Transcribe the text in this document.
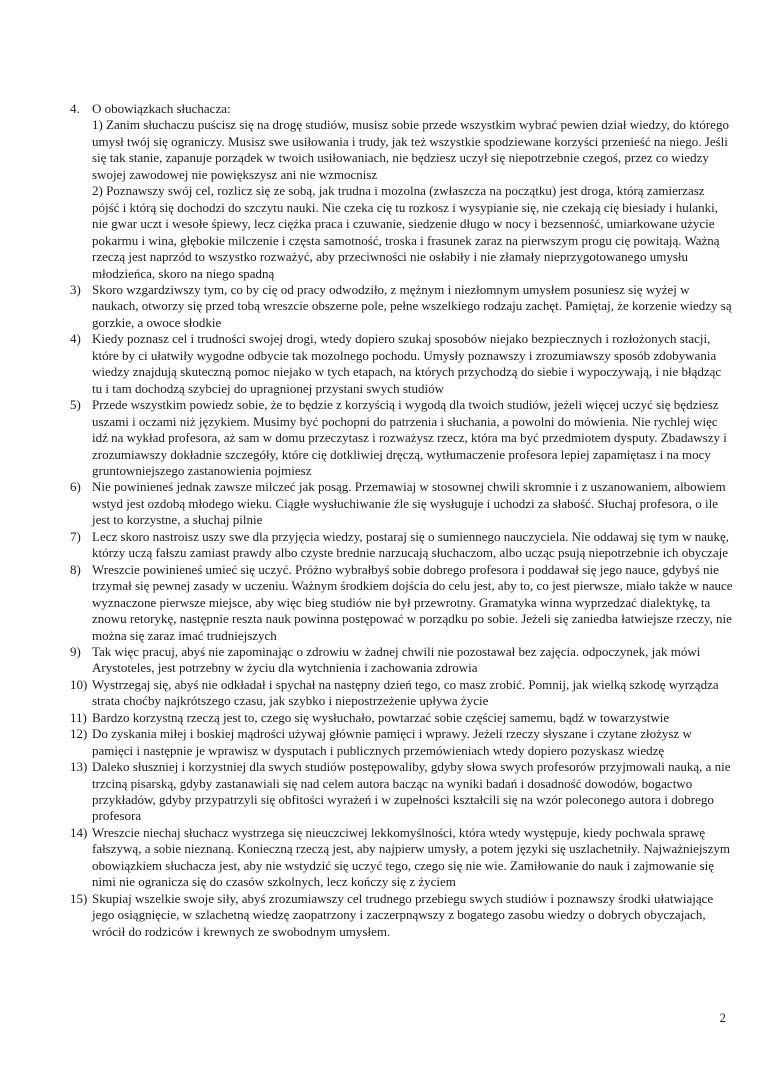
4. O obowiązkach słuchacza:

1) Zanim słuchaczu puścisz się na drogę studiów, musisz sobie przede wszystkim wybrać pewien dział wiedzy, do którego umysł twój się ograniczy. Musisz swe usiłowania i trudy, jak też wszystkie spodziewane korzyści przenieść na niego. Jeśli się tak stanie, zapanuje porządek w twoich usiłowaniach, nie będziesz uczył się niepotrzebnie czegoś, przez co wiedzy swojej zawodowej nie powiększysz ani nie wzmocnisz

2) Poznawszy swój cel, rozlicz się ze sobą, jak trudna i mozolna (zwłaszcza na początku) jest droga, którą zamierzasz pójść i którą się dochodzi do szczytu nauki. Nie czeka cię tu rozkosz i wysypianie się, nie czekają cię biesiady i hulanki, nie gwar uczt i wesołe śpiewy, lecz ciężka praca i czuwanie, siedzenie długo w nocy i bezsenność, umiarkowane użycie pokarmu i wina, głębokie milczenie i częsta samotność, troska i frasunek zaraz na pierwszym progu cię powitają. Ważną rzeczą jest naprzód to wszystko rozważyć, aby przeciwności nie osłabiły i nie złamały nieprzygotowanego umysłu młodzieńca, skoro na niego spadną

3) Skoro wzgardziwszy tym, co by cię od pracy odwodziło, z mężnym i niezłomnym umysłem posuniesz się wyżej w naukach, otworzy się przed tobą wreszcie obszerne pole, pełne wszelkiego rodzaju zachęt. Pamiętaj, że korzenie wiedzy są gorzkie, a owoce słodkie

4) Kiedy poznasz cel i trudności swojej drogi, wtedy dopiero szukaj sposobów niejako bezpiecznych i rozłożonych stacji, które by ci ułatwiły wygodne odbycie tak mozolnego pochodu. Umysły poznawszy i zrozumiawszy sposób zdobywania wiedzy znajdują skuteczną pomoc niejako w tych etapach, na których przychodzą do siebie i wypoczywają, i nie błądząc tu i tam dochodzą szybciej do upragnionej przystani swych studiów

5) Przede wszystkim powiedz sobie, że to będzie z korzyścią i wygodą dla twoich studiów, jeżeli więcej uczyć się będziesz uszami i oczami niż językiem. Musimy być pochopni do patrzenia i słuchania, a powolni do mówienia. Nie rychlej więc idź na wykład profesora, aż sam w domu przeczytasz i rozważysz rzecz, która ma być przedmiotem dysputy. Zbadawszy i zrozumiawszy dokładnie szczegóły, które cię dotkliwiej dręczą, wytłumaczenie profesora lepiej zapamiętasz i na mocy gruntowniejszego zastanowienia pojmiesz

6) Nie powinieneś jednak zawsze milczeć jak posąg. Przemawiaj w stosownej chwili skromnie i z uszanowaniem, albowiem wstyd jest ozdobą młodego wieku. Ciągłe wysłuchiwanie źle się wysługuje i uchodzi za słabość. Słuchaj profesora, o ile jest to korzystne, a słuchaj pilnie

7) Lecz skoro nastroisz uszy swe dla przyjęcia wiedzy, postaraj się o sumiennego nauczyciela. Nie oddawaj się tym w naukę, którzy uczą fałszu zamiast prawdy albo czyste brednie narzucają słuchaczom, albo ucząc psują niepotrzebnie ich obyczaje

8) Wreszcie powinieneś umieć się uczyć. Próżno wybrałbyś sobie dobrego profesora i poddawał się jego nauce, gdybyś nie trzymał się pewnej zasady w uczeniu. Ważnym środkiem dojścia do celu jest, aby to, co jest pierwsze, miało także w nauce wyznaczone pierwsze miejsce, aby więc bieg studiów nie był przewrotny. Gramatyka winna wyprzedzać dialektykę, ta znowu retorykę, następnie reszta nauk powinna postępować w porządku po sobie. Jeżeli się zaniedba łatwiejsze rzeczy, nie można się zaraz imać trudniejszych

9) Tak więc pracuj, abyś nie zapominając o zdrowiu w żadnej chwili nie pozostawał bez zajęcia. odpoczynek, jak mówi Arystoteles, jest potrzebny w życiu dla wytchnienia i zachowania zdrowia

10) Wystrzegaj się, abyś nie odkładał i spychał na następny dzień tego, co masz zrobić. Pomnij, jak wielką szkodę wyrządza strata choćby najkrótszego czasu, jak szybko i niepostrzeżenie upływa życie

11) Bardzo korzystną rzeczą jest to, czego się wysłuchało, powtarzać sobie częściej samemu, bądź w towarzystwie

12) Do zyskania miłej i boskiej mądrości używaj głównie pamięci i wprawy. Jeżeli rzeczy słyszane i czytane złożysz w pamięci i następnie je wprawisz w dysputach i publicznych przemówieniach wtedy dopiero pozyskasz wiedzę

13) Daleko słuszniej i korzystniej dla swych studiów postępowaliby, gdyby słowa swych profesorów przyjmowali nauką, a nie trzciną pisarską, gdyby zastanawiali się nad celem autora bacząc na wyniki badań i dosadność dowodów, bogactwo przykładów, gdyby przypatrzyli się obfitości wyrażeń i w zupełności kształcili się na wzór poleconego autora i dobrego profesora

14) Wreszcie niechaj słuchacz wystrzega się nieuczciwej lekkomyślności, która wtedy występuje, kiedy pochwala sprawę fałszywą, a sobie nieznaną. Konieczną rzeczą jest, aby najpierw umysły, a potem języki się uszlachetniły. Najważniejszym obowiązkiem słuchacza jest, aby nie wstydzić się uczyć tego, czego się nie wie. Zamiłowanie do nauk i zajmowanie się nimi nie ogranicza się do czasów szkolnych, lecz kończy się z życiem

15) Skupiaj wszelkie swoje siły, abyś zrozumiawszy cel trudnego przebiegu swych studiów i poznawszy środki ułatwiające jego osiągnięcie, w szlachetną wiedzę zaopatrzony i zaczerpnąwszy z bogatego zasobu wiedzy o dobrych obyczajach, wrócił do rodziców i krewnych ze swobodnym umysłem.

2
